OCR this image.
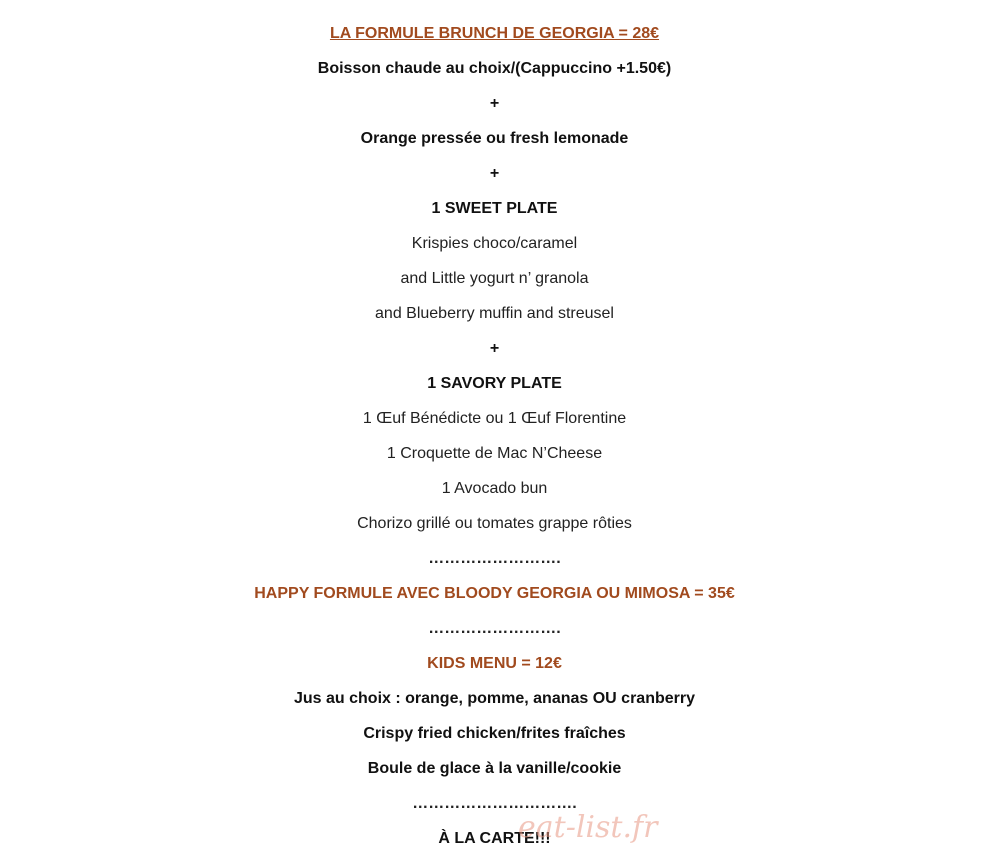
LA FORMULE BRUNCH DE GEORGIA = 28€
Boisson chaude au choix/(Cappuccino +1.50€)
+
Orange pressée ou fresh lemonade
+
1 SWEET PLATE
Krispies choco/caramel
and Little yogurt n’ granola
and Blueberry muffin and streusel
+
1 SAVORY PLATE
1 Œuf Bénédicte ou 1 Œuf Florentine
1 Croquette de Mac N’Cheese
1 Avocado bun
Chorizo grillé ou tomates grappe rôties
…………………….
HAPPY FORMULE AVEC BLOODY GEORGIA OU MIMOSA = 35€
…………………….
KIDS MENU = 12€
Jus au choix : orange, pomme, ananas OU cranberry
Crispy fried chicken/frites fraîches
Boule de glace à la vanille/cookie
………………………….
À LA CARTE!!!
eat-list.fr
